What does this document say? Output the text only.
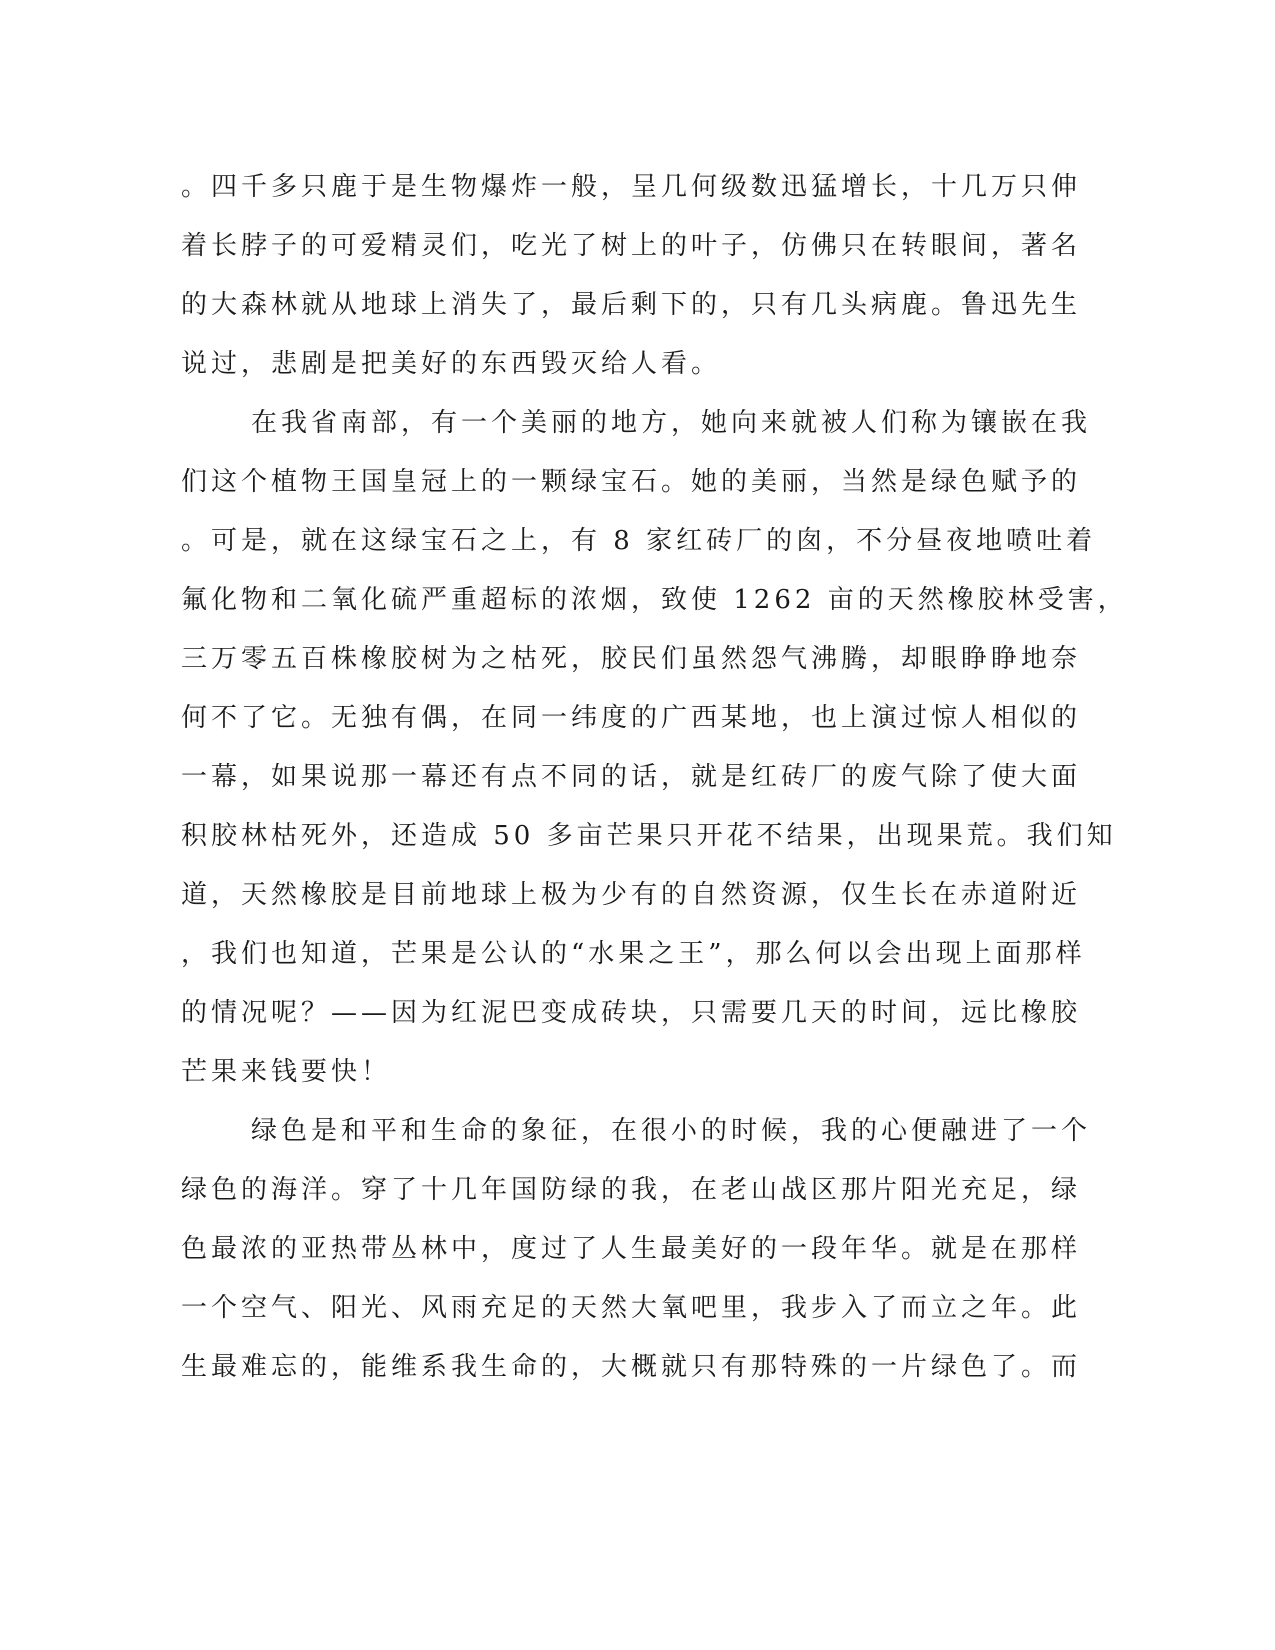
。四千多只鹿于是生物爆炸一般，呈几何级数迅猛增长，十几万只伸
着长脖子的可爱精灵们，吃光了树上的叶子，仿佛只在转眼间，著名
的大森林就从地球上消失了，最后剩下的，只有几头病鹿。鲁迅先生
说过，悲剧是把美好的东西毁灭给人看。
在我省南部，有一个美丽的地方，她向来就被人们称为镶嵌在我
们这个植物王国皇冠上的一颗绿宝石。她的美丽，当然是绿色赋予的
。可是，就在这绿宝石之上，有 8 家红砖厂的囱，不分昼夜地喷吐着
氟化物和二氧化硫严重超标的浓烟，致使 1262 亩的天然橡胶林受害，
三万零五百株橡胶树为之枯死，胶民们虽然怨气沸腾，却眼睁睁地奈
何不了它。无独有偶，在同一纬度的广西某地，也上演过惊人相似的
一幕，如果说那一幕还有点不同的话，就是红砖厂的废气除了使大面
积胶林枯死外，还造成 50 多亩芒果只开花不结果，出现果荒。我们知
道，天然橡胶是目前地球上极为少有的自然资源，仅生长在赤道附近
，我们也知道，芒果是公认的“水果之王”，那么何以会出现上面那样
的情况呢？——因为红泥巴变成砖块，只需要几天的时间，远比橡胶
芒果来钱要快！
绿色是和平和生命的象征，在很小的时候，我的心便融进了一个
绿色的海洋。穿了十几年国防绿的我，在老山战区那片阳光充足，绿
色最浓的亚热带丛林中，度过了人生最美好的一段年华。就是在那样
一个空气、阳光、风雨充足的天然大氧吧里，我步入了而立之年。此
生最难忘的，能维系我生命的，大概就只有那特殊的一片绿色了。而
